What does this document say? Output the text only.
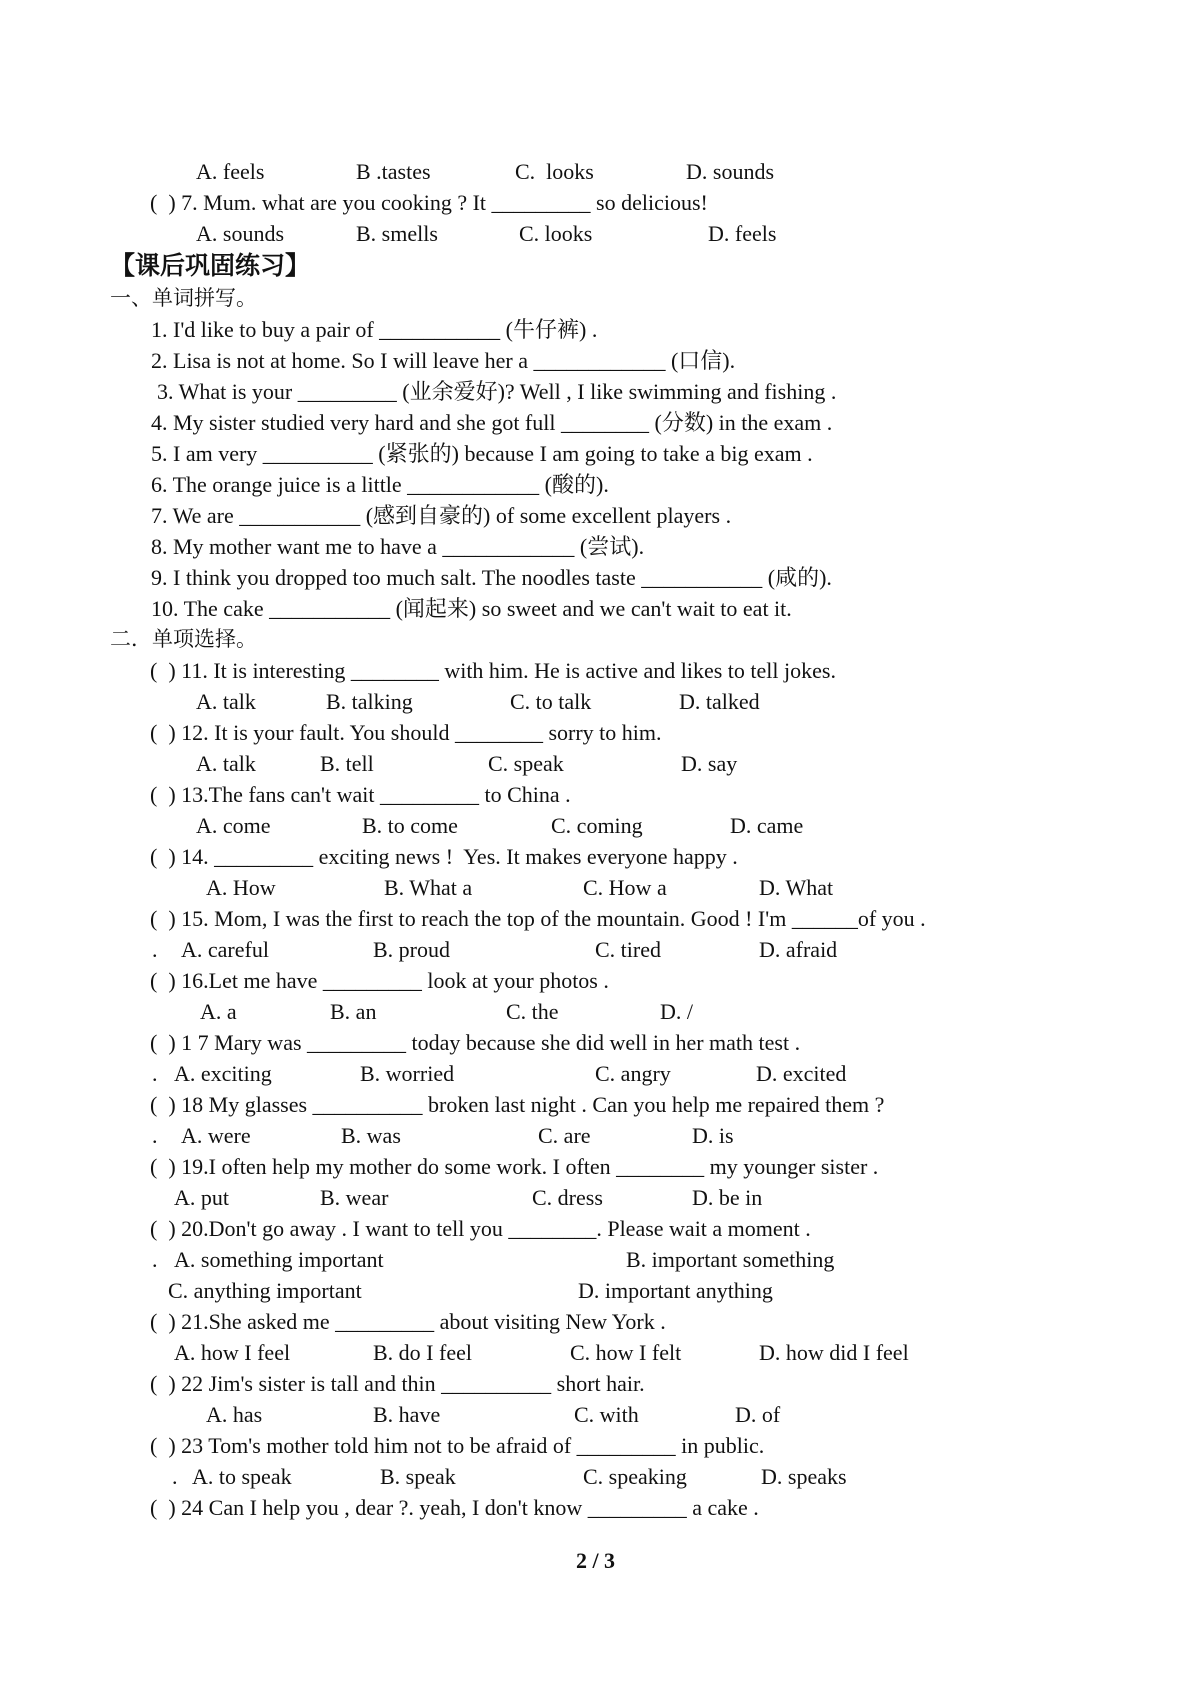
A. feels

	B .tastes

	C.  looks

	D. sounds

(  ) 7. Mum. what are you cooking ? It _________ so delicious!

A. sounds

	B. smells

	C. looks

	D. feels

【课后巩固练习】

一、单词拼写。

1. I'd like to buy a pair of ___________ (牛仔裤) .
2. Lisa is not at home. So I will leave her a ____________ (口信).
3. What is your _________ (业余爱好)? Well , I like swimming and fishing .
4. My sister studied very hard and she got full ________ (分数) in the exam .
5. I am very __________ (紧张的) because I am going to take a big exam .
6. The orange juice is a little ____________ (酸的).
7. We are ___________ (感到自豪的) of some excellent players .
8. My mother want me to have a ____________ (尝试).
9. I think you dropped too much salt. The noodles taste ___________ (咸的).
10. The cake ___________ (闻起来) so sweet and we can't wait to eat it.

二．单项选择。

(  ) 11. It is interesting ________ with him. He is active and likes to tell jokes.

A. talk

	B. talking

	C. to talk

	D. talked

(  ) 12. It is your fault. You should ________ sorry to him.

A. talk

	B. tell

	C. speak

	D. say

(  ) 13.The fans can't wait _________ to China .

A. come

	B. to come

	C. coming

	D. came

(  ) 14. _________ exciting news !  Yes. It makes everyone happy .

A. How

	B. What a

	C. How a

	D. What

(  ) 15. Mom, I was the first to reach the top of the mountain. Good ! I'm ______of you .

.

A. careful

	B. proud

	C. tired

	D. afraid

(  ) 16.Let me have _________ look at your photos .

A. a

	B. an

	C. the

	D. /

(  ) 1 7 Mary was _________ today because she did well in her math test .

.

A. exciting

	B. worried

	C. angry

	D. excited

(  ) 18 My glasses __________ broken last night . Can you help me repaired them ?

.

A. were

	B. was

	C. are

	D. is

(  ) 19.I often help my mother do some work. I often ________ my younger sister .

A. put

	B. wear

	C. dress

	D. be in

(  ) 20.Don't go away . I want to tell you ________. Please wait a moment .

.

A. something important

	B. important something

C. anything important

	D. important anything

(  ) 21.She asked me _________ about visiting New York .

A. how I feel

	B. do I feel

	C. how I felt

	D. how did I feel

(  ) 22 Jim's sister is tall and thin __________ short hair.

A. has

	B. have

	C. with

	D. of

(  ) 23 Tom's mother told him not to be afraid of _________ in public.

.

A. to speak

	B. speak

	C. speaking

	D. speaks

(  ) 24 Can I help you , dear ?. yeah, I don't know _________ a cake .
2 / 3
